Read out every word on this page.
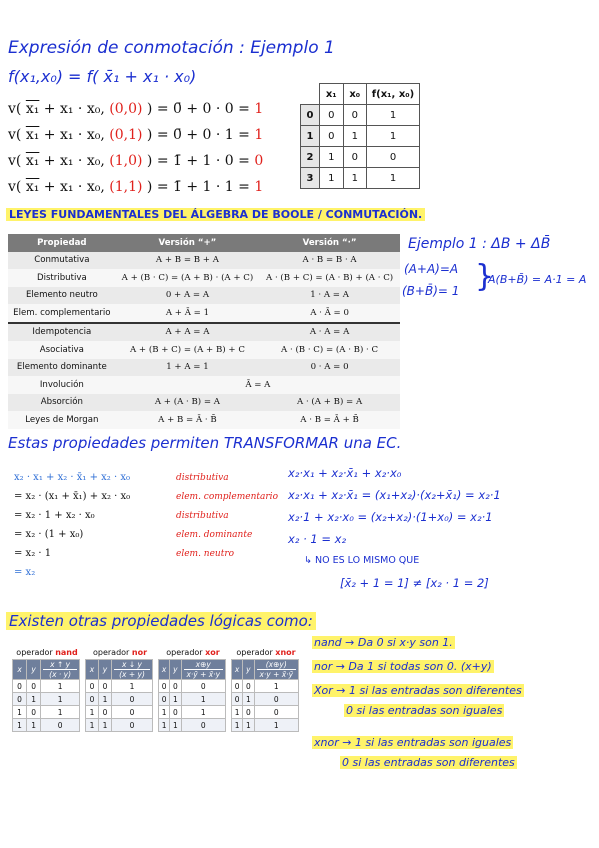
Expresión de conmotación : Ejemplo 1
f(x₁,x₀) = f( x̄₁ + x₁ · x₀)
v( x₁ + x₁ · x₀, (0,0) ) = 0̄ + 0 · 0 = 1
v( x₁ + x₁ · x₀, (0,1) ) = 0̄ + 0 · 1 = 1
v( x₁ + x₁ · x₀, (1,0) ) = 1̄ + 1 · 0 = 0
v( x₁ + x₁ · x₀, (1,1) ) = 1̄ + 1 · 1 = 1
	x₁	x₀	f(x₁, x₀)
0	0	0	1
1	0	1	1
2	1	0	0
3	1	1	1
LEYES FUNDAMENTALES DEL ÁLGEBRA DE BOOLE / CONMUTACIÓN.
Propiedad	Versión “+”	Versión “·”
Conmutativa	A + B = B + A	A · B = B · A
Distributiva	A + (B · C) = (A + B) · (A + C)	A · (B + C) = (A · B) + (A · C)
Elemento neutro	0 + A = A	1 · A = A
Elem. complementario	A + Ā = 1	A · Ā = 0
Idempotencia	A + A = A	A · A = A
Asociativa	A + (B + C) = (A + B) + C	A · (B · C) = (A · B) · C
Elemento dominante	1 + A = 1	0 · A = 0
Involución	Ā = A	
Absorción	A + (A · B) = A	A · (A + B) = A
Leyes de Morgan	A + B = Ā · B̄	A · B = Ā + B̄
Ejemplo 1 : ΔB + ΔB̄
(A+A)=A
(B+B̄)= 1 }
A(B+B̄) = A·1 = A
Estas propiedades permiten TRANSFORMAR una EC.
x₂ · x₁ + x₂ · x̄₁ + x₂ · x₀	distributiva
= x₂ · (x₁ + x̄₁) + x₂ · x₀	elem. complementario
= x₂ · 1 + x₂ · x₀	distributiva
= x₂ · (1 + x₀)	elem. dominante
= x₂ · 1	elem. neutro
= x₂
x₂·x₁ + x₂·x̄₁ + x₂·x₀
x₂·x₁ + x₂·x̄₁ = (x₁+x₂)·(x₂+x̄₁) = x₂·1
x₂·1 + x₂·x₀ = (x₂+x₂)·(1+x₀) = x₂·1
x₂ · 1 = x₂
↳ NO ES LO MISMO QUE
[x̄₂ + 1 = 1] ≠ [x₂ · 1 = 2]
Existen otras propiedades lógicas como:
operador nand
x	y	x ↑ y
(x · y)

0	0	1
0	1	1
1	0	1
1	1	0
operador nor
x	y	x ↓ y
(x + y)

0	0	1
0	1	0
1	0	0
1	1	0
operador xor
x	y	x⊕y
x·ȳ + x̄·y

0	0	0
0	1	1
1	0	1
1	1	0
operador xnor
x	y	(x⊕y)
x·y + x̄·ȳ

0	0	1
0	1	0
1	0	0
1	1	1
nand → Da 0 si x·y son 1.
nor → Da 1 si todas son 0. (x+y)
Xor → 1 si las entradas son diferentes
0 si las entradas son iguales
xnor → 1 si las entradas son iguales
0 si las entradas son diferentes
